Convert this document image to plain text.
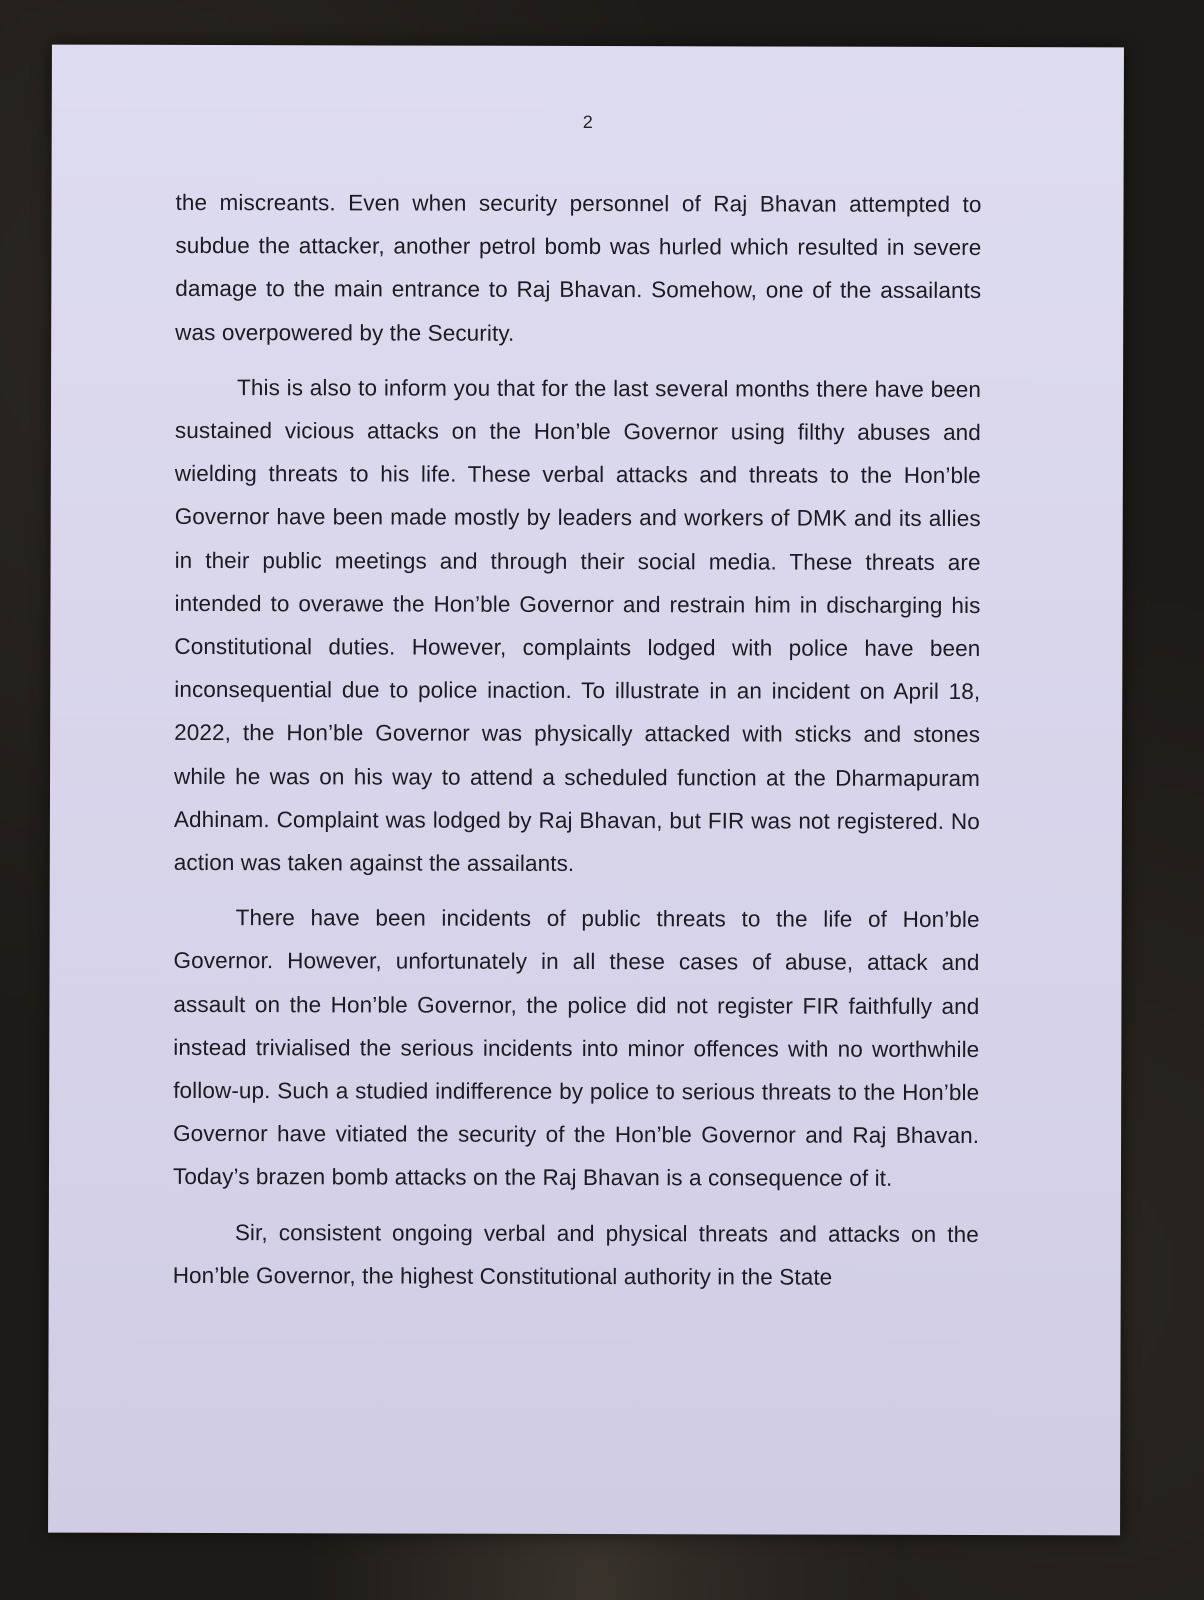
2

the miscreants. Even when security personnel of Raj Bhavan attempted to subdue the attacker, another petrol bomb was hurled which resulted in severe damage to the main entrance to Raj Bhavan. Somehow, one of the assailants was overpowered by the Security.

This is also to inform you that for the last several months there have been sustained vicious attacks on the Hon’ble Governor using filthy abuses and wielding threats to his life. These verbal attacks and threats to the Hon’ble Governor have been made mostly by leaders and workers of DMK and its allies in their public meetings and through their social media. These threats are intended to overawe the Hon’ble Governor and restrain him in discharging his Constitutional duties. However, complaints lodged with police have been inconsequential due to police inaction. To illustrate in an incident on April 18, 2022, the Hon’ble Governor was physically attacked with sticks and stones while he was on his way to attend a scheduled function at the Dharmapuram Adhinam. Complaint was lodged by Raj Bhavan, but FIR was not registered. No action was taken against the assailants.

There have been incidents of public threats to the life of Hon’ble Governor. However, unfortunately in all these cases of abuse, attack and assault on the Hon’ble Governor, the police did not register FIR faithfully and instead trivialised the serious incidents into minor offences with no worthwhile follow-up. Such a studied indifference by police to serious threats to the Hon’ble Governor have vitiated the security of the Hon’ble Governor and Raj Bhavan. Today’s brazen bomb attacks on the Raj Bhavan is a consequence of it.

Sir, consistent ongoing verbal and physical threats and attacks on the Hon’ble Governor, the highest Constitutional authority in the State
